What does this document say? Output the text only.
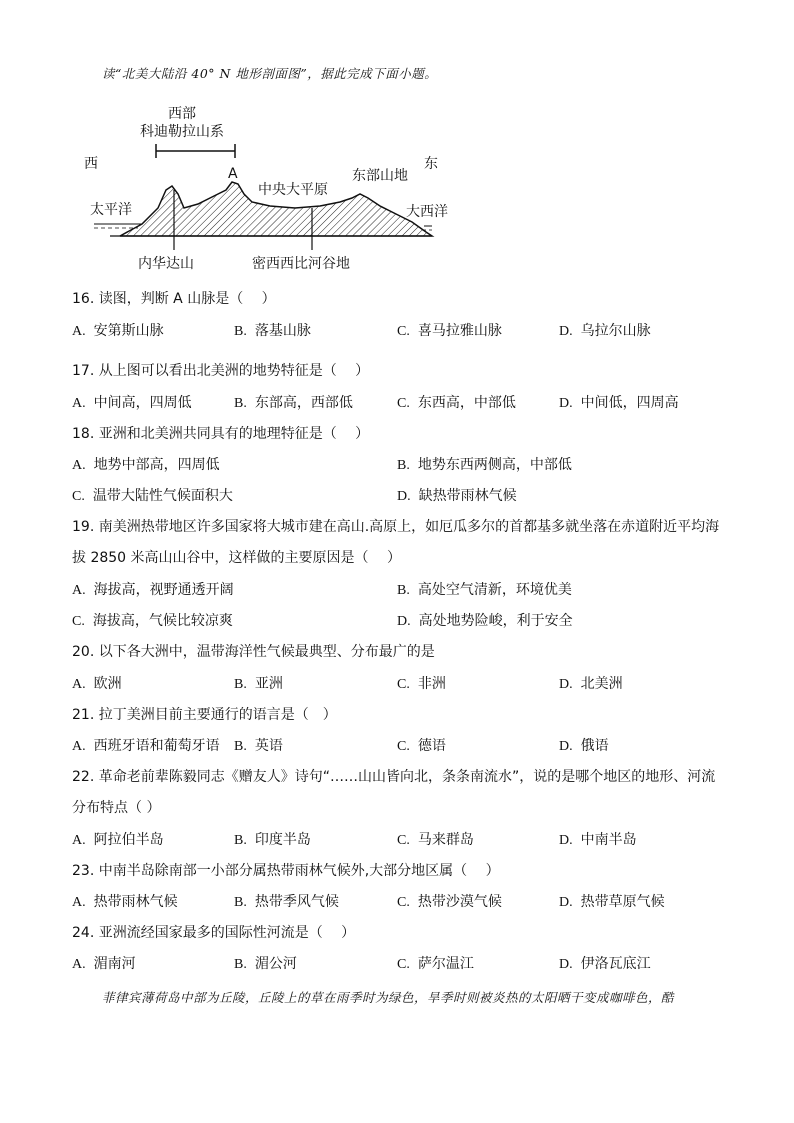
读“北美大陆沿 40° N 地形剖面图”，据此完成下面小题。
西部
科迪勒拉山系
西	东
A
中央大平原
东部山地
太平洋	大西洋
内华达山	密西西比河谷地
16. 读图，判断 A 山脉是（　 ）
A. 安第斯山脉	B. 落基山脉	C. 喜马拉雅山脉	D. 乌拉尔山脉
17. 从上图可以看出北美洲的地势特征是（　 ）
A. 中间高，四周低	B. 东部高，西部低	C. 东西高，中部低	D. 中间低，四周高
18. 亚洲和北美洲共同具有的地理特征是（　 ）
A. 地势中部高，四周低	B. 地势东西两侧高，中部低
C. 温带大陆性气候面积大	D. 缺热带雨林气候
19. 南美洲热带地区许多国家将大城市建在高山.高原上，如厄瓜多尔的首都基多就坐落在赤道附近平均海
拔 2850 米高山山谷中，这样做的主要原因是（　 ）
A. 海拔高，视野通透开阔	B. 高处空气清新，环境优美
C. 海拔高，气候比较凉爽	D. 高处地势险峻，利于安全
20. 以下各大洲中，温带海洋性气候最典型、分布最广的是
A. 欧洲	B. 亚洲	C. 非洲	D. 北美洲
21. 拉丁美洲目前主要通行的语言是（　）
A. 西班牙语和葡萄牙语 B. 英语	C. 德语	D. 俄语
22. 革命老前辈陈毅同志《赠友人》诗句“……山山皆向北，条条南流水”，说的是哪个地区的地形、河流
分布特点（ ）
A. 阿拉伯半岛	B. 印度半岛	C. 马来群岛	D. 中南半岛
23. 中南半岛除南部一小部分属热带雨林气候外,大部分地区属（　 ）
A. 热带雨林气候	B. 热带季风气候	C. 热带沙漠气候	D. 热带草原气候
24. 亚洲流经国家最多的国际性河流是（　 ）
A. 湄南河	B. 湄公河	C. 萨尔温江	D. 伊洛瓦底江
菲律宾薄荷岛中部为丘陵，丘陵上的草在雨季时为绿色，旱季时则被炎热的太阳晒干变成咖啡色，酷
